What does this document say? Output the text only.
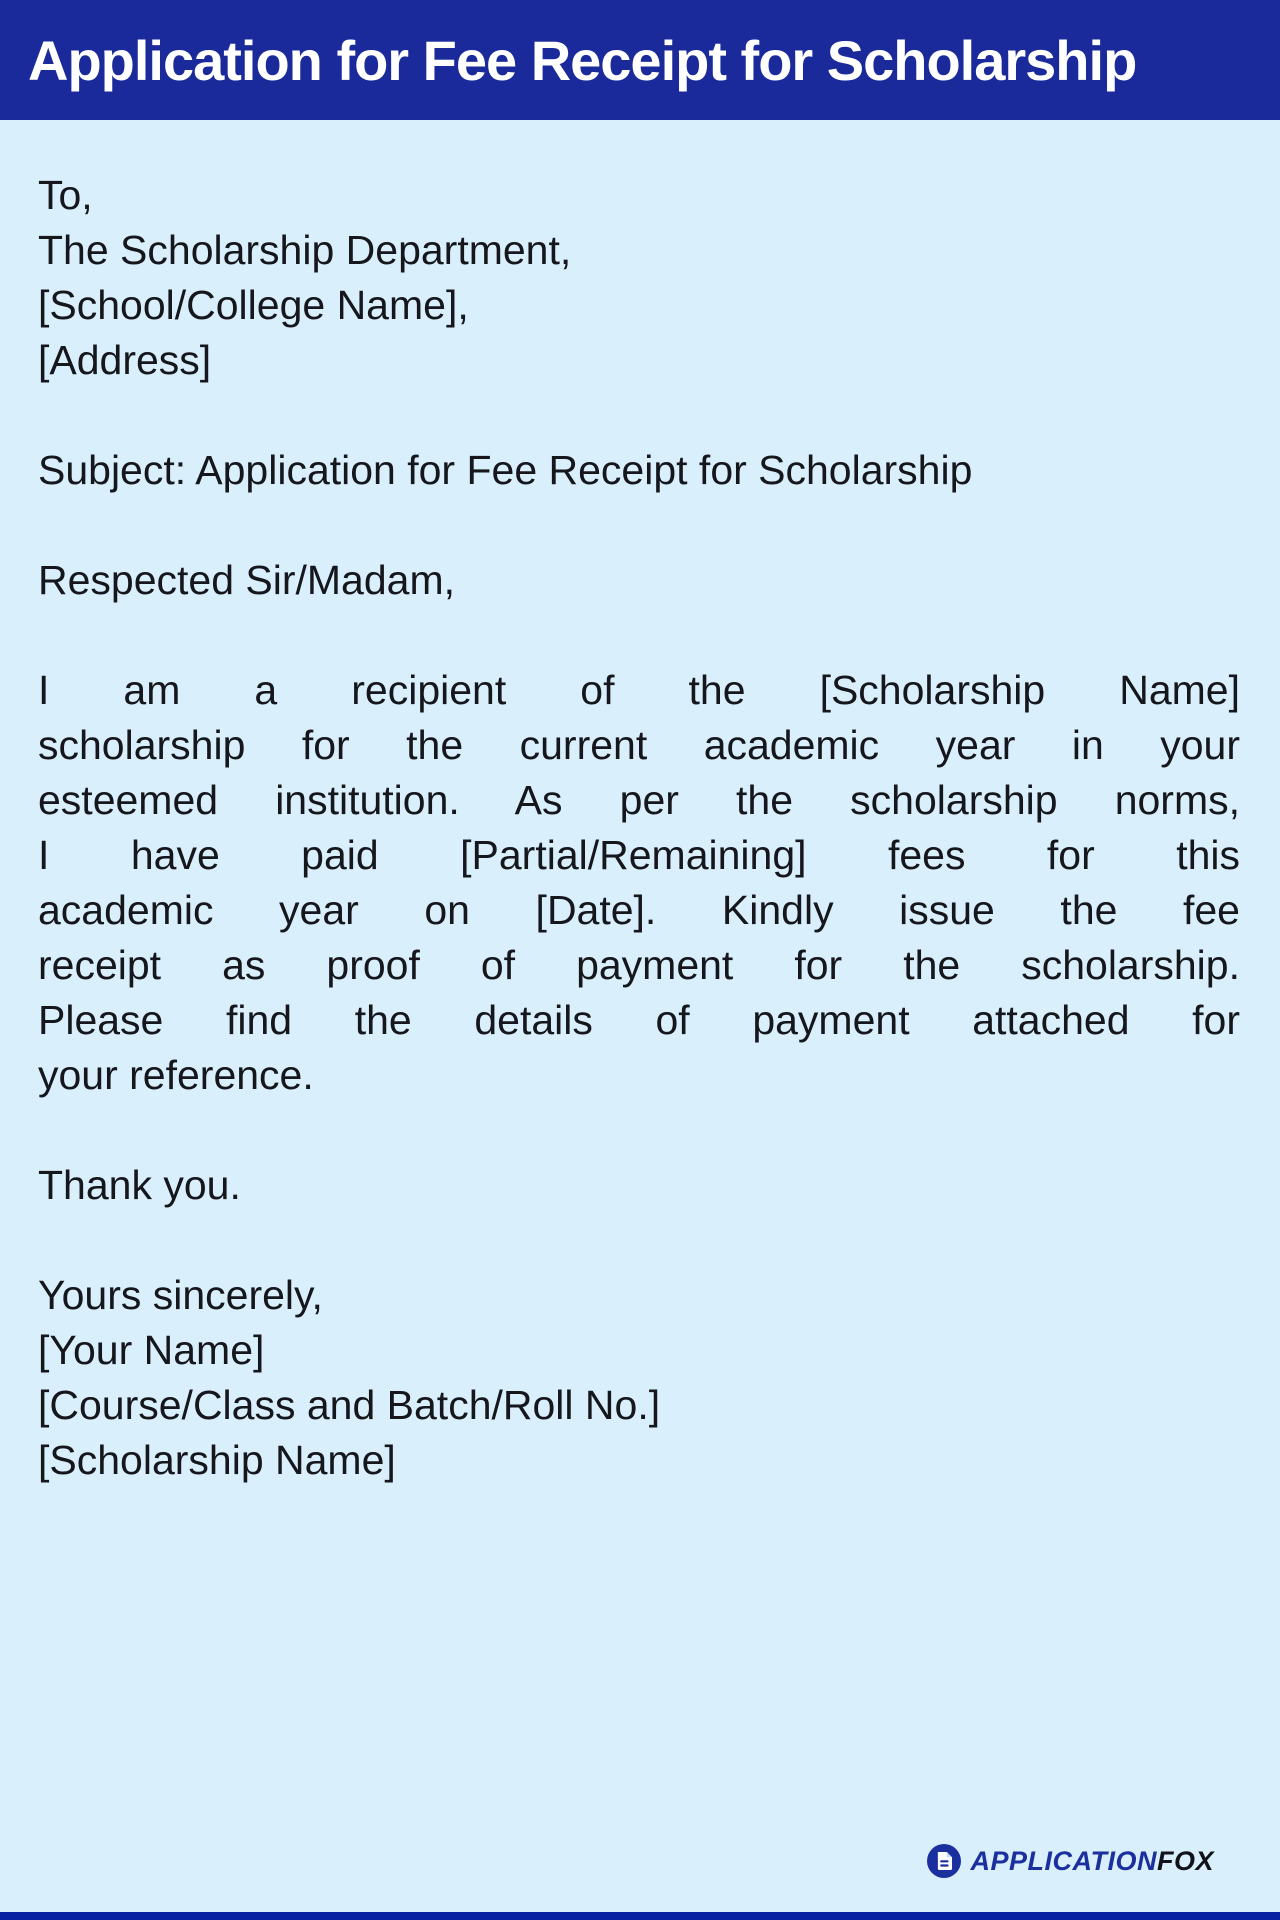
Application for Fee Receipt for Scholarship
To,
The Scholarship Department,
[School/College Name],
[Address]
Subject: Application for Fee Receipt for Scholarship
Respected Sir/Madam,
I am a recipient of the [Scholarship Name]
scholarship for the current academic year in your
esteemed institution. As per the scholarship norms,
I have paid [Partial/Remaining] fees for this
academic year on [Date]. Kindly issue the fee
receipt as proof of payment for the scholarship.
Please find the details of payment attached for
your reference.
Thank you.
Yours sincerely,
[Your Name]
[Course/Class and Batch/Roll No.]
[Scholarship Name]
APPLICATIONFOX
